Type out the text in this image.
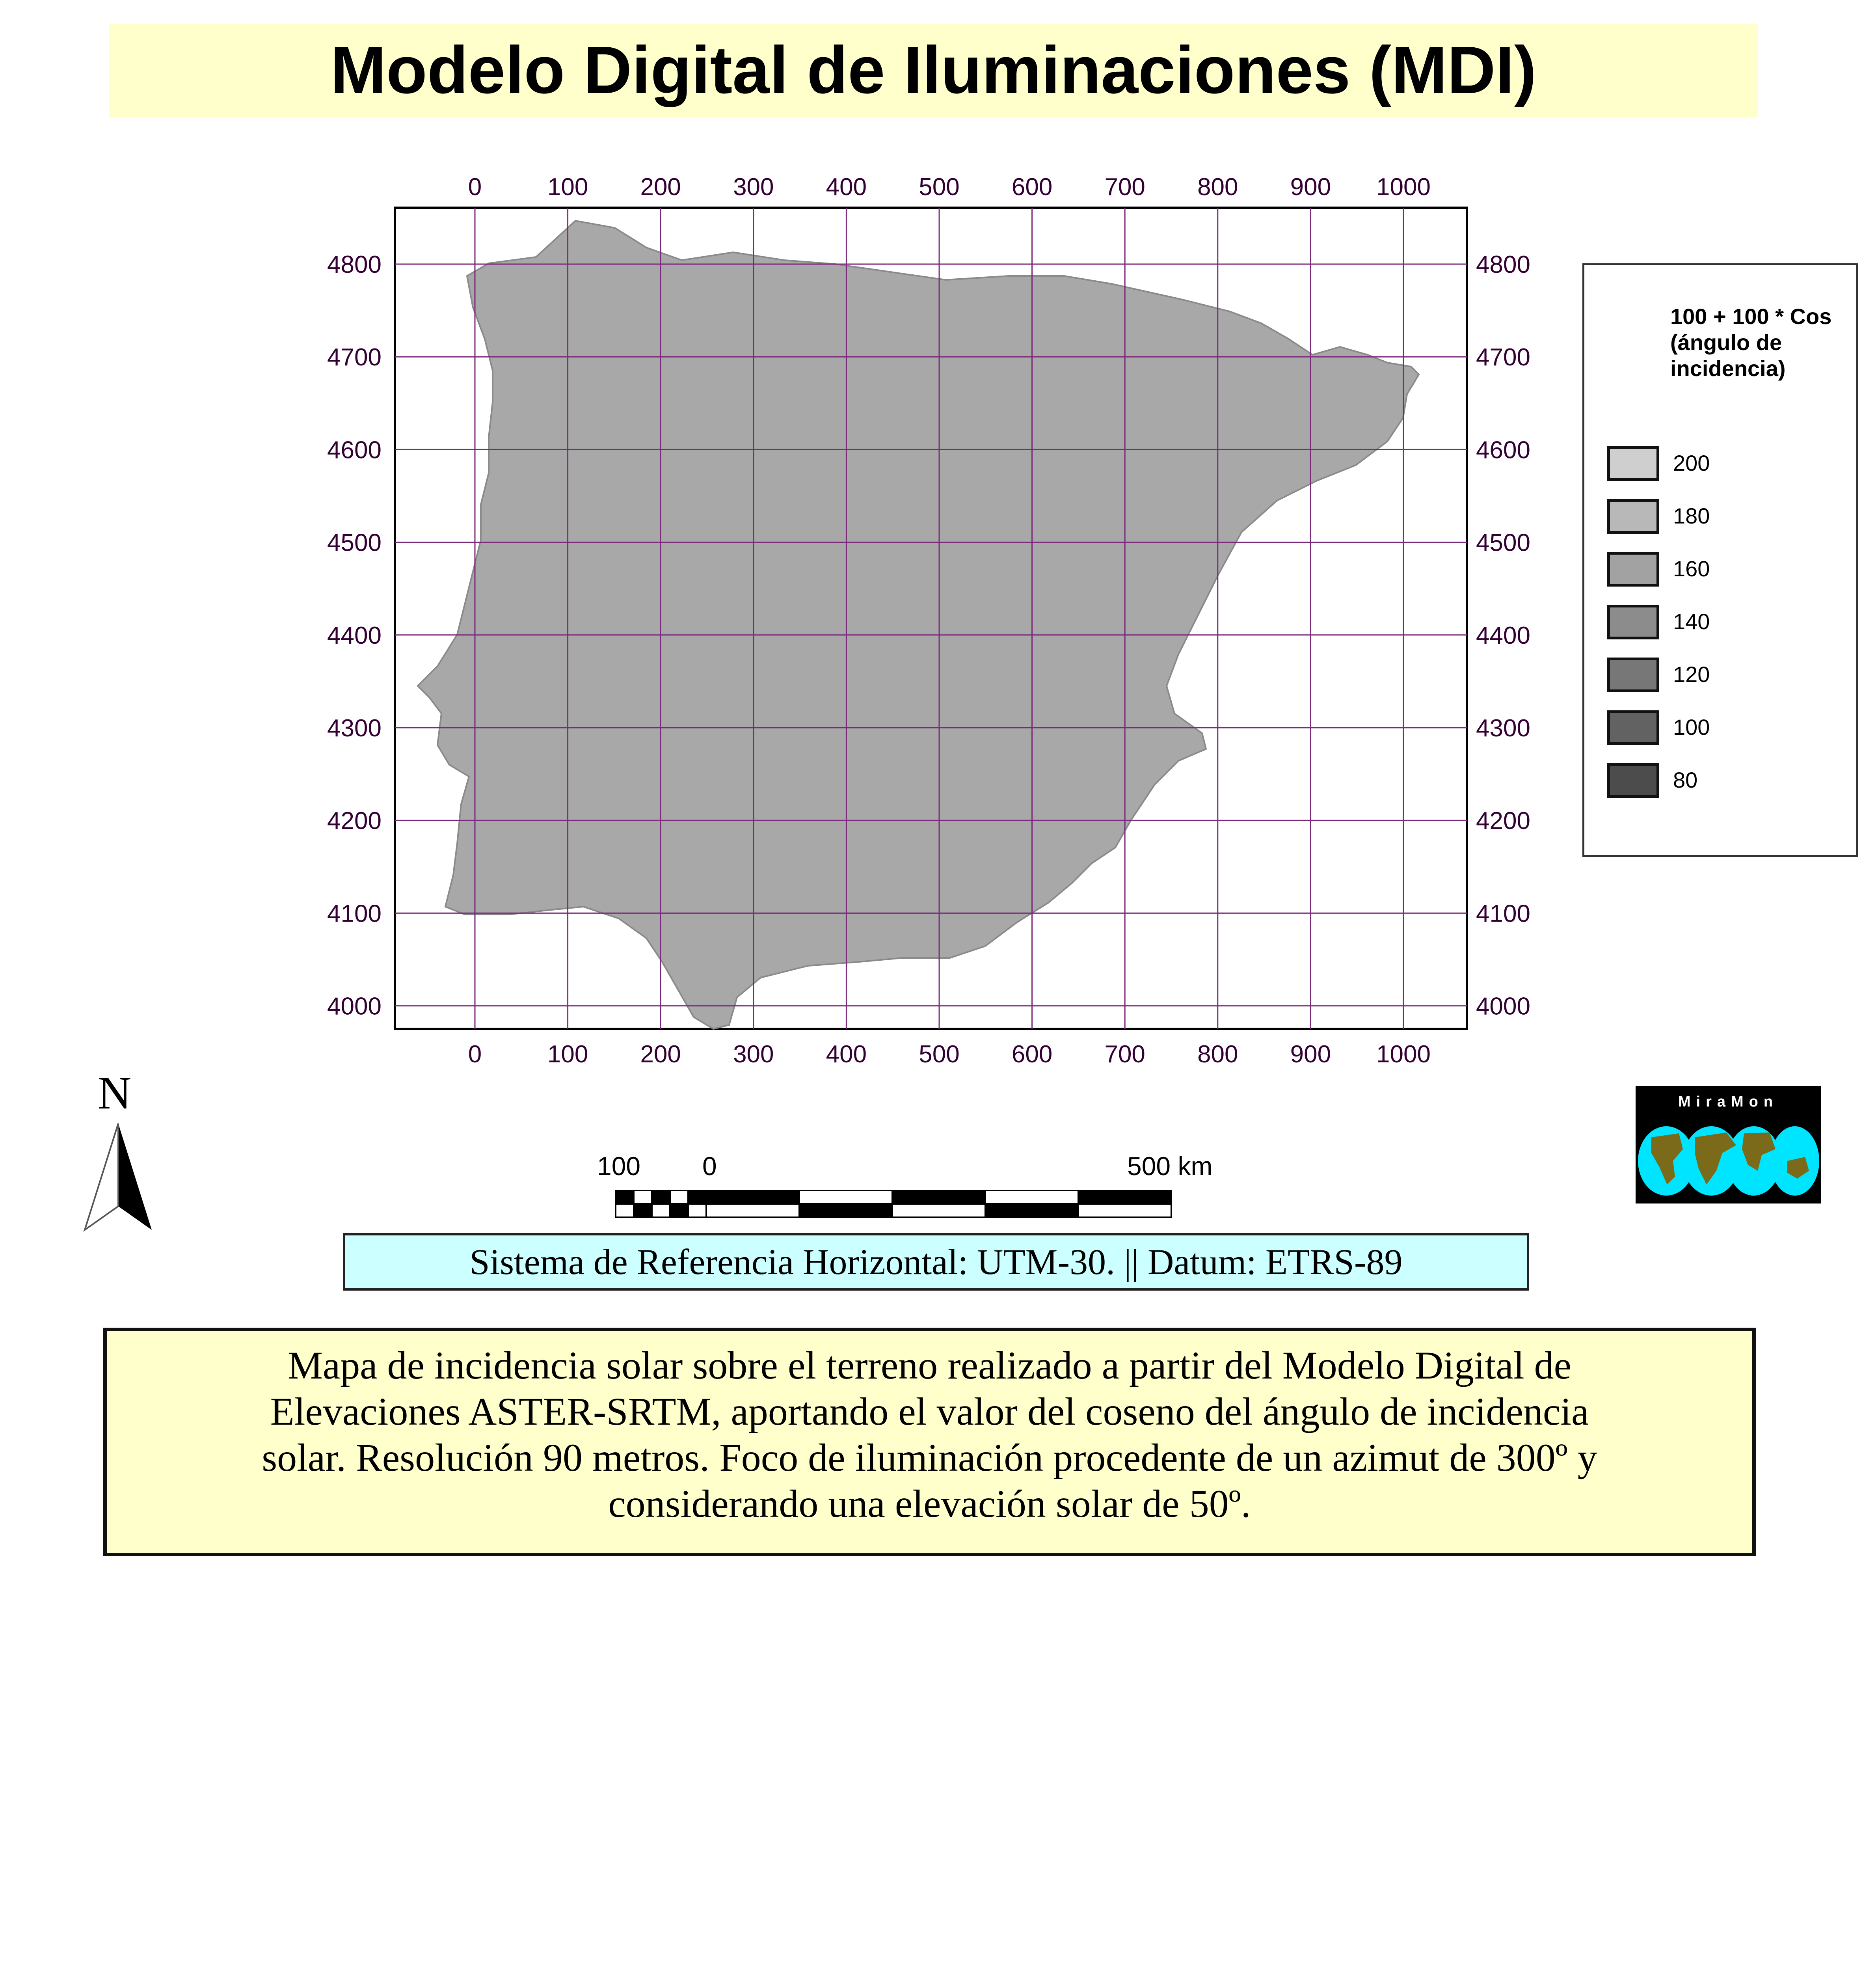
Modelo Digital de Iluminaciones (MDI)
0
0
100
100
200
200
300
300
400
400
500
500
600
600
700
700
800
800
900
900
1000
1000
4800	4800
4700	4700
4600	4600
4500	4500
4400	4400
4300	4300
4200	4200
4100	4100
4000	4000
100 + 100 * Cos (ángulo de incidencia)
200
180
160
140
120
100
80
N
100 0	500 km
MiraMon
Sistema de Referencia Horizontal: UTM-30. || Datum: ETRS-89
Mapa de incidencia solar sobre el terreno realizado a partir del Modelo Digital de Elevaciones ASTER-SRTM, aportando el valor del coseno del ángulo de incidencia solar. Resolución 90 metros. Foco de iluminación procedente de un azimut de 300º y considerando una elevación solar de 50º.
